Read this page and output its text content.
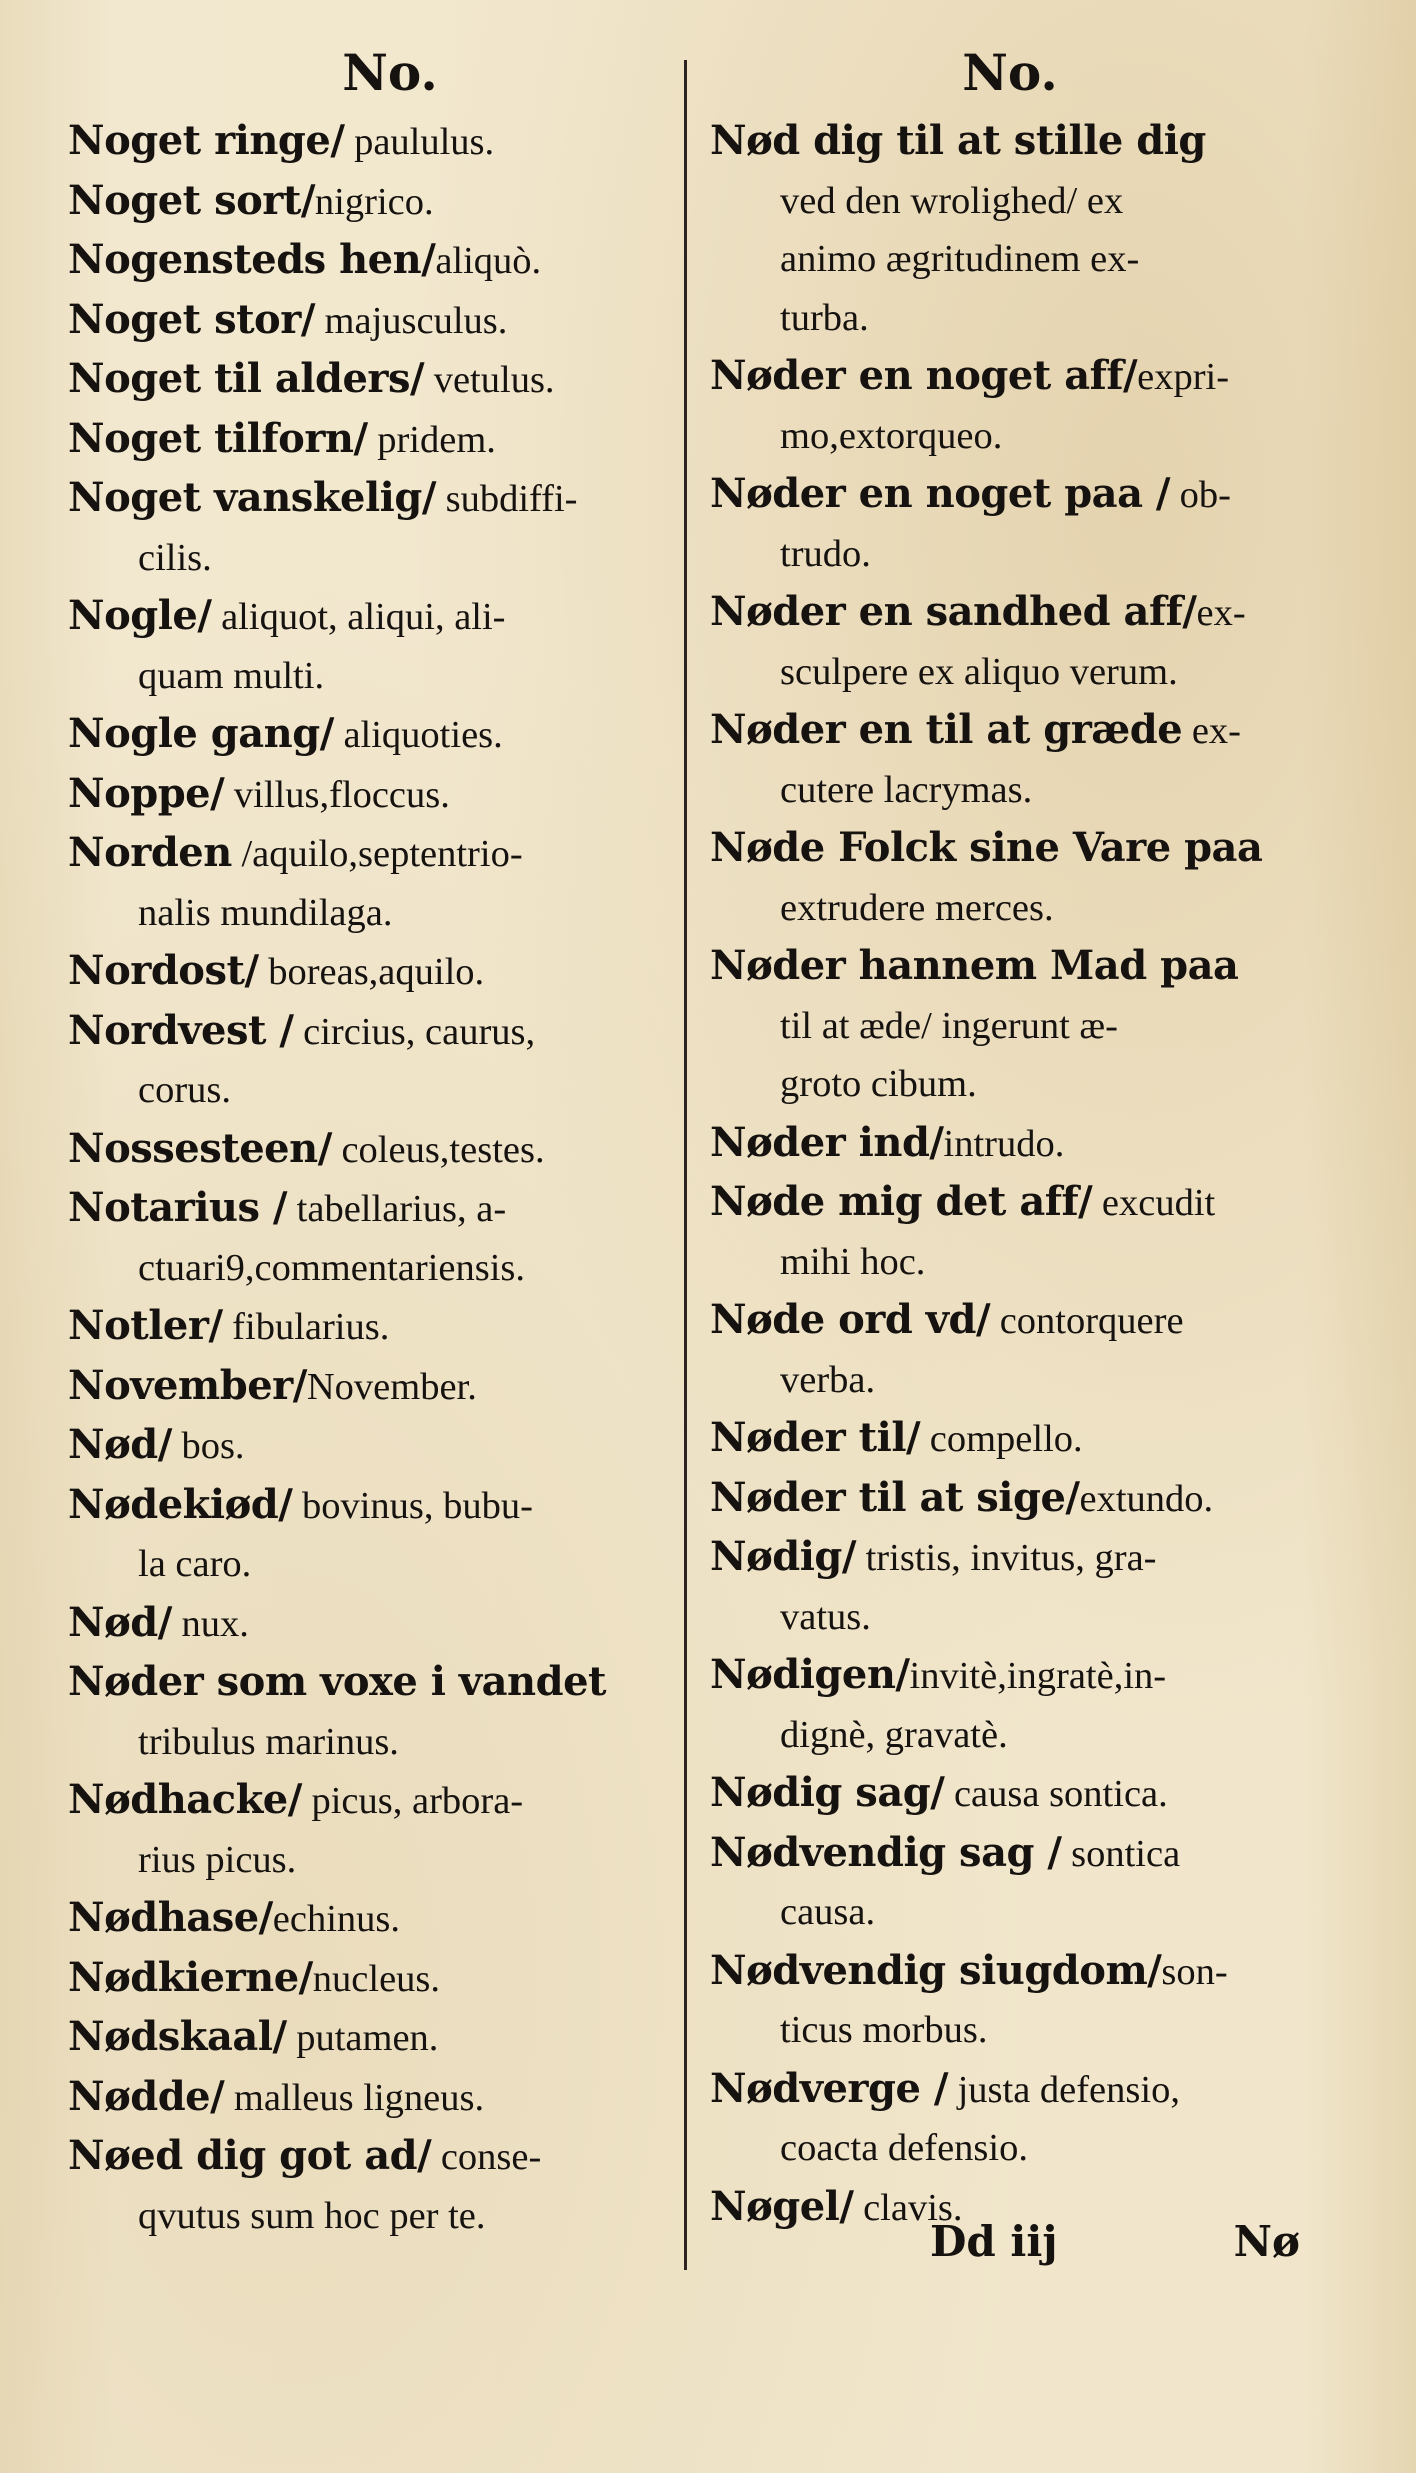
No.	No.
Noget ringe/ paululus.
Noget sort/nigrico.
Nogensteds hen/aliquò.
Noget stor/ majusculus.
Noget til alders/ vetulus.
Noget tilforn/ pridem.
Noget vanskelig/ subdiffi-
cilis.
Nogle/ aliquot, aliqui, ali-
quam multi.
Nogle gang/ aliquoties.
Noppe/ villus,floccus.
Norden /aquilo,septentrio-
nalis mundilaga.
Nordost/ boreas,aquilo.
Nordvest / circius, caurus,
corus.
Nossesteen/ coleus,testes.
Notarius / tabellarius, a-
ctuari9,commentariensis.
Notler/ fibularius.
November/November.
Nød/ bos.
Nødekiød/ bovinus, bubu-
la caro.
Nød/ nux.
Nøder som voxe i vandet
tribulus marinus.
Nødhacke/ picus, arbora-
rius picus.
Nødhase/echinus.
Nødkierne/nucleus.
Nødskaal/ putamen.
Nødde/ malleus ligneus.
Nøed dig got ad/ conse-
qvutus sum hoc per te.
Nød dig til at stille dig
ved den wrolighed/ ex
animo ægritudinem ex-
turba.
Nøder en noget aff/expri-
mo,extorqueo.
Nøder en noget paa / ob-
trudo.
Nøder en sandhed aff/ex-
sculpere ex aliquo verum.
Nøder en til at græde ex-
cutere lacrymas.
Nøde Folck sine Vare paa
extrudere merces.
Nøder hannem Mad paa
til at æde/ ingerunt æ-
groto cibum.
Nøder ind/intrudo.
Nøde mig det aff/ excudit
mihi hoc.
Nøde ord vd/ contorquere
verba.
Nøder til/ compello.
Nøder til at sige/extundo.
Nødig/ tristis, invitus, gra-
vatus.
Nødigen/invitè,ingratè,in-
dignè, gravatè.
Nødig sag/ causa sontica.
Nødvendig sag / sontica
causa.
Nødvendig siugdom/son-
ticus morbus.
Nødverge / justa defensio,
coacta defensio.
Nøgel/ clavis.
Dd iij	Nø
